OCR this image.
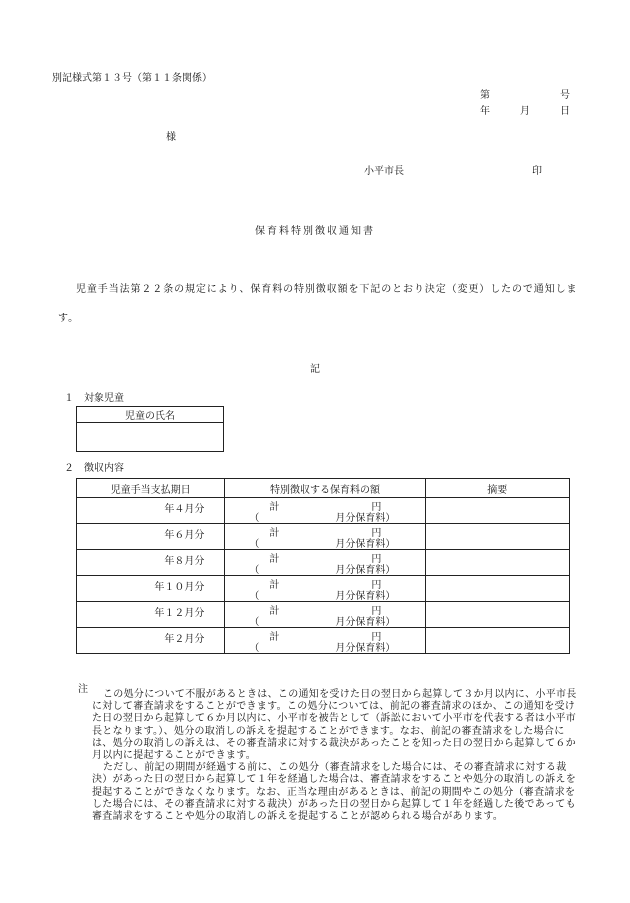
別記様式第１３号（第１１条関係）
第	号
年	月	日
様
小平市長	印
保育料特別徴収通知書
児童手当法第２２条の規定により、保育料の特別徴収額を下記のとおり決定（変更）したので通知します。
記
１　対象児童
児童の氏名

２　徴収内容
児童手当支払期日	特別徴収する保育料の額	摘要

年４月分	計 円
（ 月分保育料）	

年６月分	計 円
（ 月分保育料）	

年８月分	計 円
（ 月分保育料）	

年１０月分	計 円
（ 月分保育料）	

年１２月分	計 円
（ 月分保育料）	

年２月分	計 円
（ 月分保育料）	

注	この処分について不服があるときは、この通知を受けた日の翌日から起算して３か月以内に、小平市長に対して審査請求をすることができます。この処分については、前記の審査請求のほか、この通知を受けた日の翌日から起算して６か月以内に、小平市を被告として（訴訟において小平市を代表する者は小平市長となります。）、処分の取消しの訴えを提起することができます。なお、前記の審査請求をした場合には、処分の取消しの訴えは、その審査請求に対する裁決があったことを知った日の翌日から起算して６か月以内に提起することができます。

ただし、前記の期間が経過する前に、この処分（審査請求をした場合には、その審査請求に対する裁決）があった日の翌日から起算して１年を経過した場合は、審査請求をすることや処分の取消しの訴えを提起することができなくなります。なお、正当な理由があるときは、前記の期間やこの処分（審査請求をした場合には、その審査請求に対する裁決）があった日の翌日から起算して１年を経過した後であっても審査請求をすることや処分の取消しの訴えを提起することが認められる場合があります。
